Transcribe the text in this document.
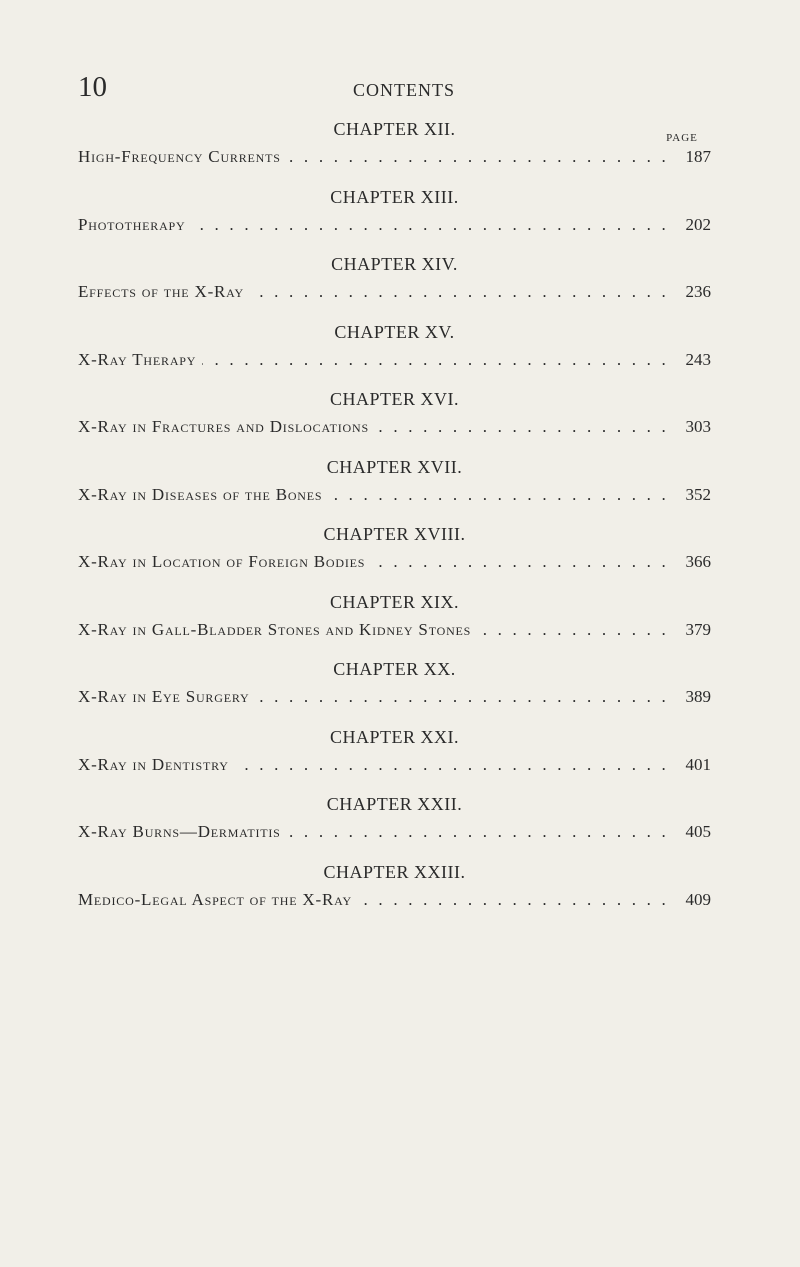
10	CONTENTS
PAGE
CHAPTER XII.
High-Frequency Currents . . .	187
CHAPTER XIII.
Phototherapy . . .	202
CHAPTER XIV.
Effects of the X-Ray . . .	236
CHAPTER XV.
X-Ray Therapy . . .	243
CHAPTER XVI.
X-Ray in Fractures and Dislocations . . .	303
CHAPTER XVII.
X-Ray in Diseases of the Bones . . .	352
CHAPTER XVIII.
X-Ray in Location of Foreign Bodies . . .	366
CHAPTER XIX.
X-Ray in Gall-Bladder Stones and Kidney Stones . . .	379
CHAPTER XX.
X-Ray in Eye Surgery . . .	389
CHAPTER XXI.
X-Ray in Dentistry . . .	401
CHAPTER XXII.
X-Ray Burns—Dermatitis . . .	405
CHAPTER XXIII.
Medico-Legal Aspect of the X-Ray . . .	409
